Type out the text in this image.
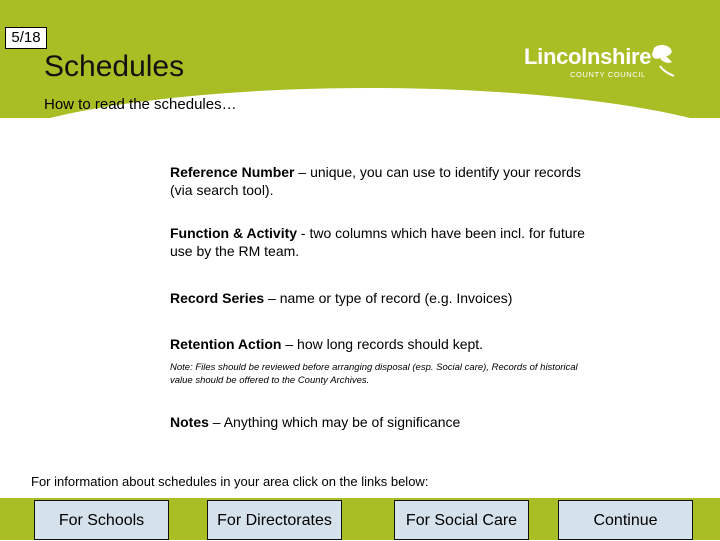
5/18
Schedules	Lincolnshire
COUNTY COUNCIL
How to read the schedules…
Reference Number – unique, you can use to identify your records (via search tool).
Function & Activity - two columns which have been incl. for future use by the RM team.
Record Series – name or type of record (e.g. Invoices)
Retention Action – how long records should kept.
Note: Files should be reviewed before arranging disposal (esp. Social care), Records of historical value should be offered to the County Archives.
Notes – Anything which may be of significance
For information about schedules in your area click on the links below:
For Schools	For Directorates	For Social Care	Continue
